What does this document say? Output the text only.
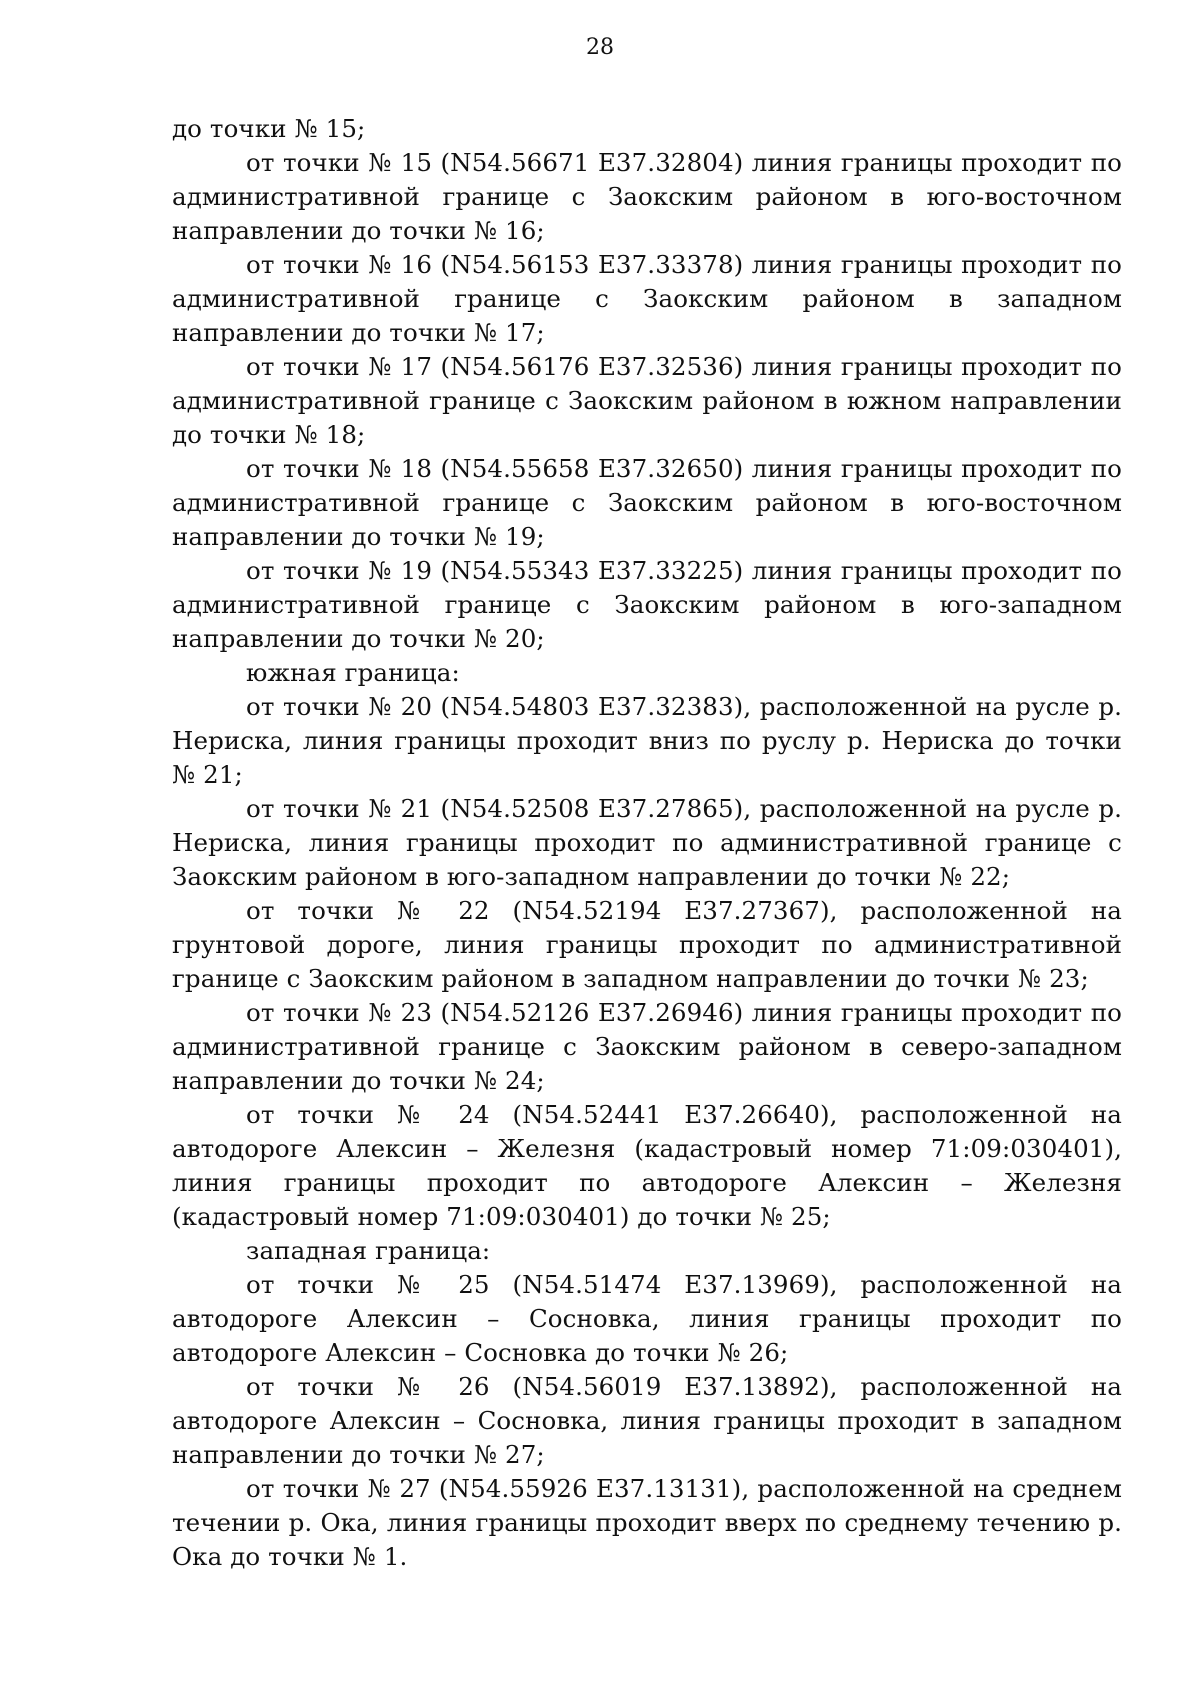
28

до точки № 15;

от точки № 15 (N54.56671 E37.32804) линия границы проходит по административной границе с Заокским районом в юго-восточном направлении до точки № 16;

от точки № 16 (N54.56153 E37.33378) линия границы проходит по административной границе с Заокским районом в западном направлении до точки № 17;

от точки № 17 (N54.56176 E37.32536) линия границы проходит по административной границе с Заокским районом в южном направлении до точки № 18;

от точки № 18 (N54.55658 E37.32650) линия границы проходит по административной границе с Заокским районом в юго-восточном направлении до точки № 19;

от точки № 19 (N54.55343 E37.33225) линия границы проходит по административной границе с Заокским районом в юго-западном направлении до точки № 20;

южная граница:

от точки № 20 (N54.54803 E37.32383), расположенной на русле р. Нериска, линия границы проходит вниз по руслу р. Нериска до точки № 21;

от точки № 21 (N54.52508 E37.27865), расположенной на русле р. Нериска, линия границы проходит по административной границе с Заокским районом в юго-западном направлении до точки № 22;

от точки № 22 (N54.52194 E37.27367), расположенной на грунтовой дороге, линия границы проходит по административной границе с Заокским районом в западном направлении до точки № 23;

от точки № 23 (N54.52126 E37.26946) линия границы проходит по административной границе с Заокским районом в северо-западном направлении до точки № 24;

от точки № 24 (N54.52441 E37.26640), расположенной на автодороге Алексин – Железня (кадастровый номер 71:09:030401), линия границы проходит по автодороге Алексин – Железня (кадастровый номер 71:09:030401) до точки № 25;

западная граница:

от точки № 25 (N54.51474 E37.13969), расположенной на автодороге Алексин – Сосновка, линия границы проходит по автодороге Алексин – Сосновка до точки № 26;

от точки № 26 (N54.56019 E37.13892), расположенной на автодороге Алексин – Сосновка, линия границы проходит в западном направлении до точки № 27;

от точки № 27 (N54.55926 E37.13131), расположенной на среднем течении р. Ока, линия границы проходит вверх по среднему течению р. Ока до точки № 1.
